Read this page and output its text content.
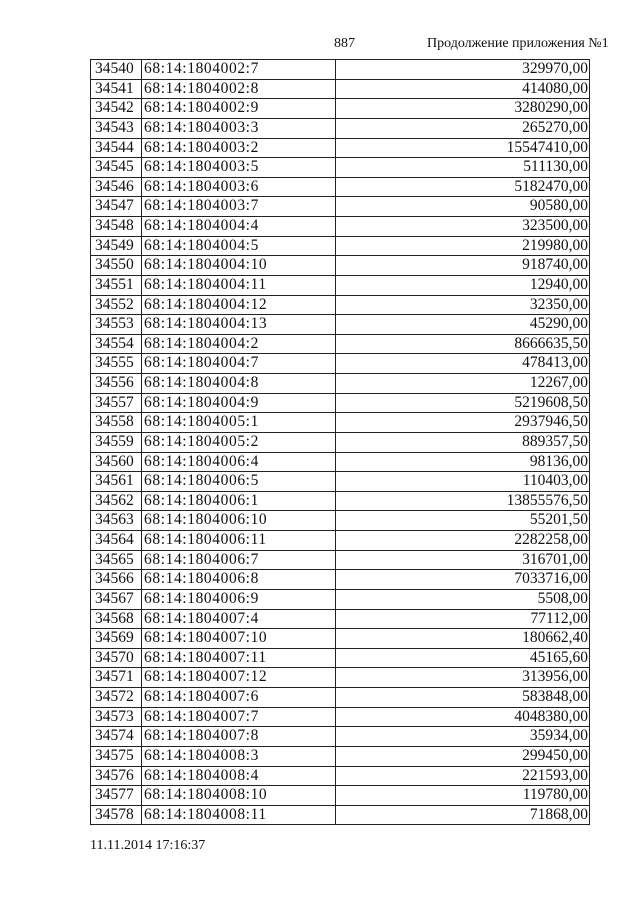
887	Продолжение приложения №1
34540 68:14:1804002:7	329970,00
34541 68:14:1804002:8	414080,00
34542 68:14:1804002:9	3280290,00
34543 68:14:1804003:3	265270,00
34544 68:14:1804003:2	15547410,00
34545 68:14:1804003:5	511130,00
34546 68:14:1804003:6	5182470,00
34547 68:14:1804003:7	90580,00
34548 68:14:1804004:4	323500,00
34549 68:14:1804004:5	219980,00
34550 68:14:1804004:10	918740,00
34551 68:14:1804004:11	12940,00
34552 68:14:1804004:12	32350,00
34553 68:14:1804004:13	45290,00
34554 68:14:1804004:2	8666635,50
34555 68:14:1804004:7	478413,00
34556 68:14:1804004:8	12267,00
34557 68:14:1804004:9	5219608,50
34558 68:14:1804005:1	2937946,50
34559 68:14:1804005:2	889357,50
34560 68:14:1804006:4	98136,00
34561 68:14:1804006:5	110403,00
34562 68:14:1804006:1	13855576,50
34563 68:14:1804006:10	55201,50
34564 68:14:1804006:11	2282258,00
34565 68:14:1804006:7	316701,00
34566 68:14:1804006:8	7033716,00
34567 68:14:1804006:9	5508,00
34568 68:14:1804007:4	77112,00
34569 68:14:1804007:10	180662,40
34570 68:14:1804007:11	45165,60
34571 68:14:1804007:12	313956,00
34572 68:14:1804007:6	583848,00
34573 68:14:1804007:7	4048380,00
34574 68:14:1804007:8	35934,00
34575 68:14:1804008:3	299450,00
34576 68:14:1804008:4	221593,00
34577 68:14:1804008:10	119780,00
34578 68:14:1804008:11	71868,00
11.11.2014 17:16:37
